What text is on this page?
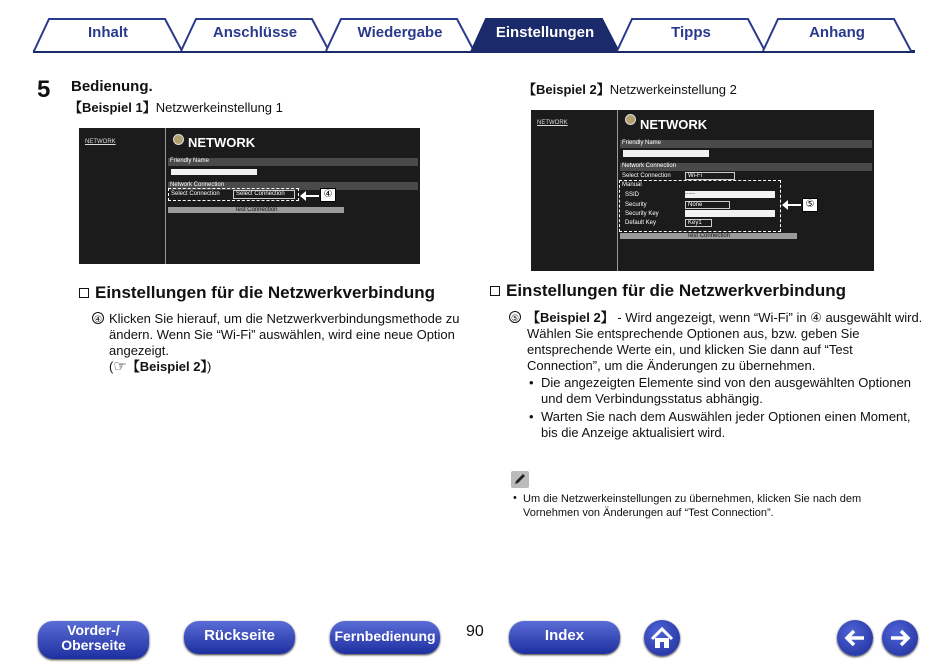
Inhalt	Anschlüsse	Wiedergabe	Einstellungen	Tipps	Anhang
5 Bedienung.
【Beispiel 1】Netzwerkeinstellung 1
NETWORK	NETWORK
Friendly Name
Network Connection
Select Connection	Select Connection
Test Connection
④
Einstellungen für die Netzwerkverbindung
④ Klicken Sie hierauf, um die Netzwerkverbindungsmethode zu
ändern. Wenn Sie “Wi-Fi” auswählen, wird eine neue Option
angezeigt.
(☞【Beispiel 2】)
【Beispiel 2】Netzwerkeinstellung 2
NETWORK	NETWORK
Friendly Name
Network Connection
Select Connection	Wi-Fi
Manual
SSID	------
Security	None
Security Key
Default Key	Key1
Test Connection
⑤
Einstellungen für die Netzwerkverbindung
⑤ 【Beispiel 2】 - Wird angezeigt, wenn “Wi-Fi” in ④ ausgewählt wird.
Wählen Sie entsprechende Optionen aus, bzw. geben Sie
entsprechende Werte ein, und klicken Sie dann auf “Test
Connection”, um die Änderungen zu übernehmen.
• Die angezeigten Elemente sind von den ausgewählten Optionen
und dem Verbindungsstatus abhängig.
• Warten Sie nach dem Auswählen jeder Optionen einen Moment,
bis die Anzeige aktualisiert wird.
• Um die Netzwerkeinstellungen zu übernehmen, klicken Sie nach dem
Vornehmen von Änderungen auf “Test Connection”.
Vorder-/
Oberseite
Rückseite	Fernbedienung 90	Index
